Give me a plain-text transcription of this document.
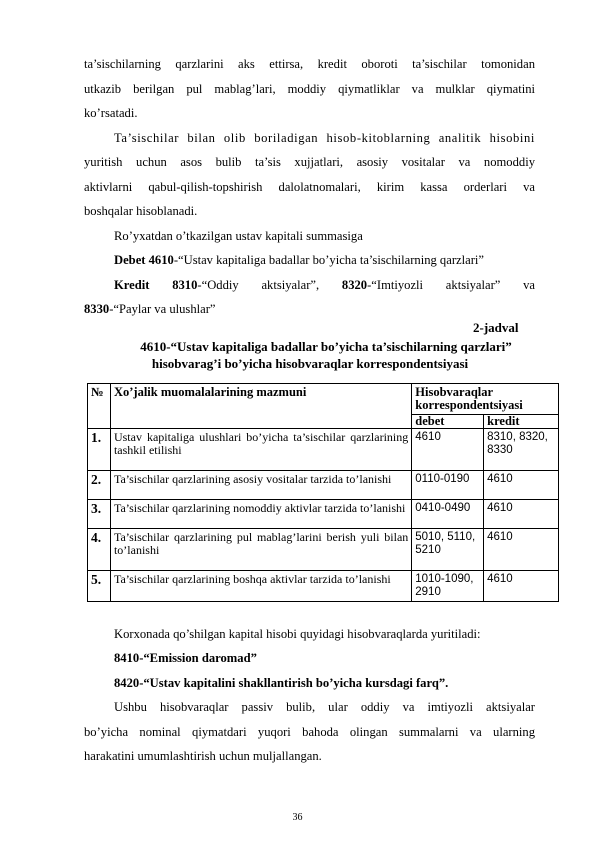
ta’sischilarning qarzlarini aks ettirsa, kredit oboroti ta’sischilar tomonidan
utkazib berilgan pul mablag’lari, moddiy qiymatliklar va mulklar qiymatini
ko’rsatadi.
Ta’sischilar bilan olib boriladigan hisob-kitoblarning analitik hisobini
yuritish uchun asos bulib ta’sis xujjatlari, asosiy vositalar va nomoddiy
aktivlarni qabul-qilish-topshirish dalolatnomalari, kirim kassa orderlari va
boshqalar hisoblanadi.
Ro’yxatdan o’tkazilgan ustav kapitali summasiga
Debet 4610-“Ustav kapitaliga badallar bo’yicha ta’sischilarning qarzlari”
Kredit 8310-“Oddiy aktsiyalar”, 8320-“Imtiyozli aktsiyalar” va
8330-“Paylar va ulushlar”
2-jadval
4610-“Ustav kapitaliga badallar bo’yicha ta’sischilarning qarzlari”
hisobvarag’i bo’yicha hisobvaraqlar korrespondentsiyasi
№	Xo’jalik muomalalarining mazmuni	Hisobvaraqlar korrespondentsiyasi	
		debet	kredit
1.	Ustav kapitaliga ulushlari bo’yicha ta’sischilar qarzlarining tashkil etilishi	4610	8310, 8320, 8330
2.	Ta’sischilar qarzlarining asosiy vositalar tarzida to’lanishi	0110-0190	4610
3.	Ta’sischilar qarzlarining nomoddiy aktivlar tarzida to’lanishi	0410-0490	4610
4.	Ta’sischilar qarzlarining pul mablag’larini berish yuli bilan to’lanishi	5010, 5110, 5210	4610
5.	Ta’sischilar qarzlarining boshqa aktivlar tarzida to’lanishi	1010-1090, 2910	4610
Korxonada qo’shilgan kapital hisobi quyidagi hisobvaraqlarda yuritiladi:
8410-“Emission daromad”
8420-“Ustav kapitalini shakllantirish bo’yicha kursdagi farq”.
Ushbu hisobvaraqlar passiv bulib, ular oddiy va imtiyozli aktsiyalar
bo’yicha nominal qiymatdari yuqori bahoda olingan summalarni va ularning
harakatini umumlashtirish uchun muljallangan.
36
